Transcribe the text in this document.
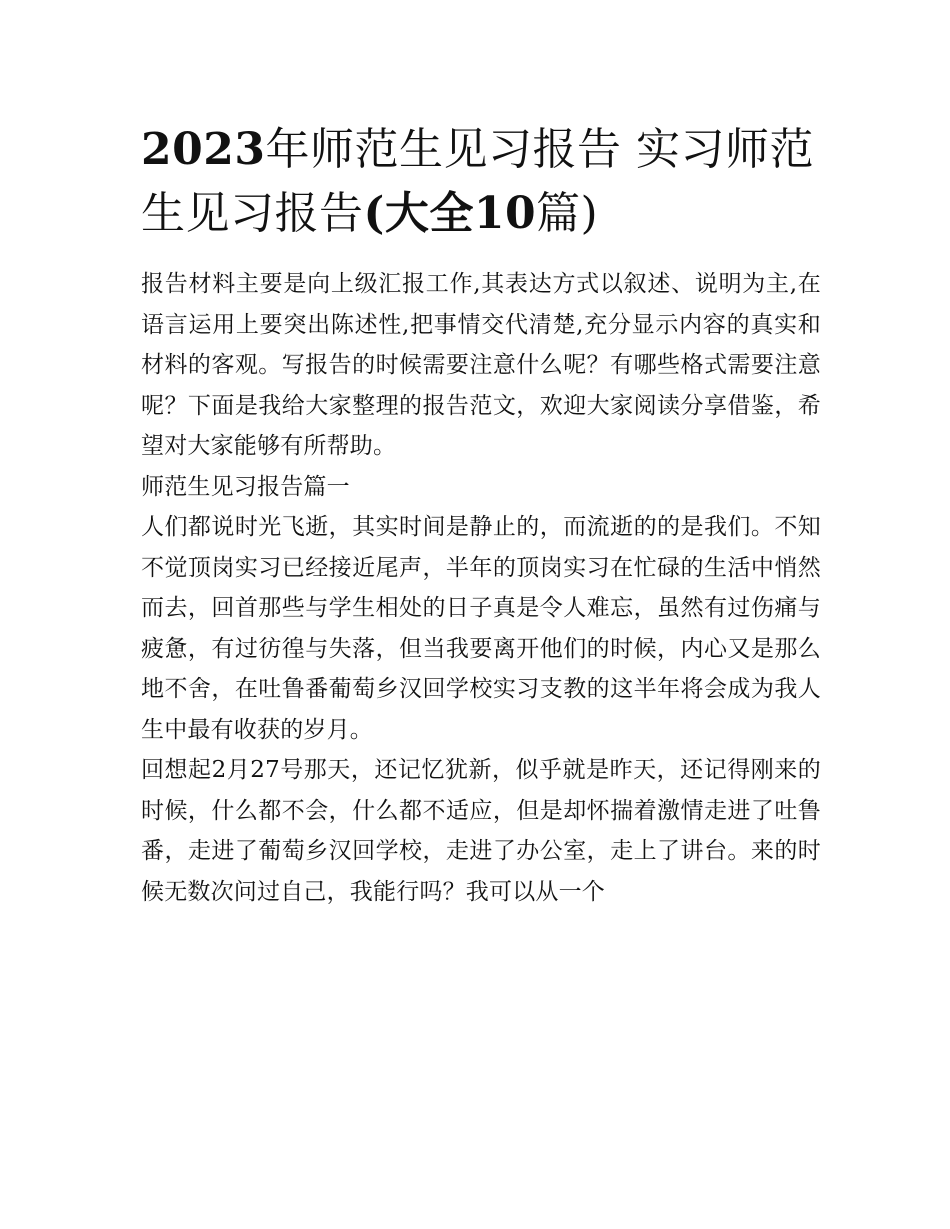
2023年师范生见习报告 实习师范生见习报告(大全10篇)

报告材料主要是向上级汇报工作,其表达方式以叙述、说明为主,在语言运用上要突出陈述性,把事情交代清楚,充分显示内容的真实和材料的客观。写报告的时候需要注意什么呢？有哪些格式需要注意呢？下面是我给大家整理的报告范文，欢迎大家阅读分享借鉴，希望对大家能够有所帮助。

师范生见习报告篇一

人们都说时光飞逝，其实时间是静止的，而流逝的的是我们。不知不觉顶岗实习已经接近尾声，半年的顶岗实习在忙碌的生活中悄然而去，回首那些与学生相处的日子真是令人难忘，虽然有过伤痛与疲惫，有过彷徨与失落，但当我要离开他们的时候，内心又是那么地不舍，在吐鲁番葡萄乡汉回学校实习支教的这半年将会成为我人生中最有收获的岁月。

回想起2月27号那天，还记忆犹新，似乎就是昨天，还记得刚来的时候，什么都不会，什么都不适应，但是却怀揣着激情走进了吐鲁番，走进了葡萄乡汉回学校，走进了办公室，走上了讲台。来的时候无数次问过自己，我能行吗？我可以从一个
